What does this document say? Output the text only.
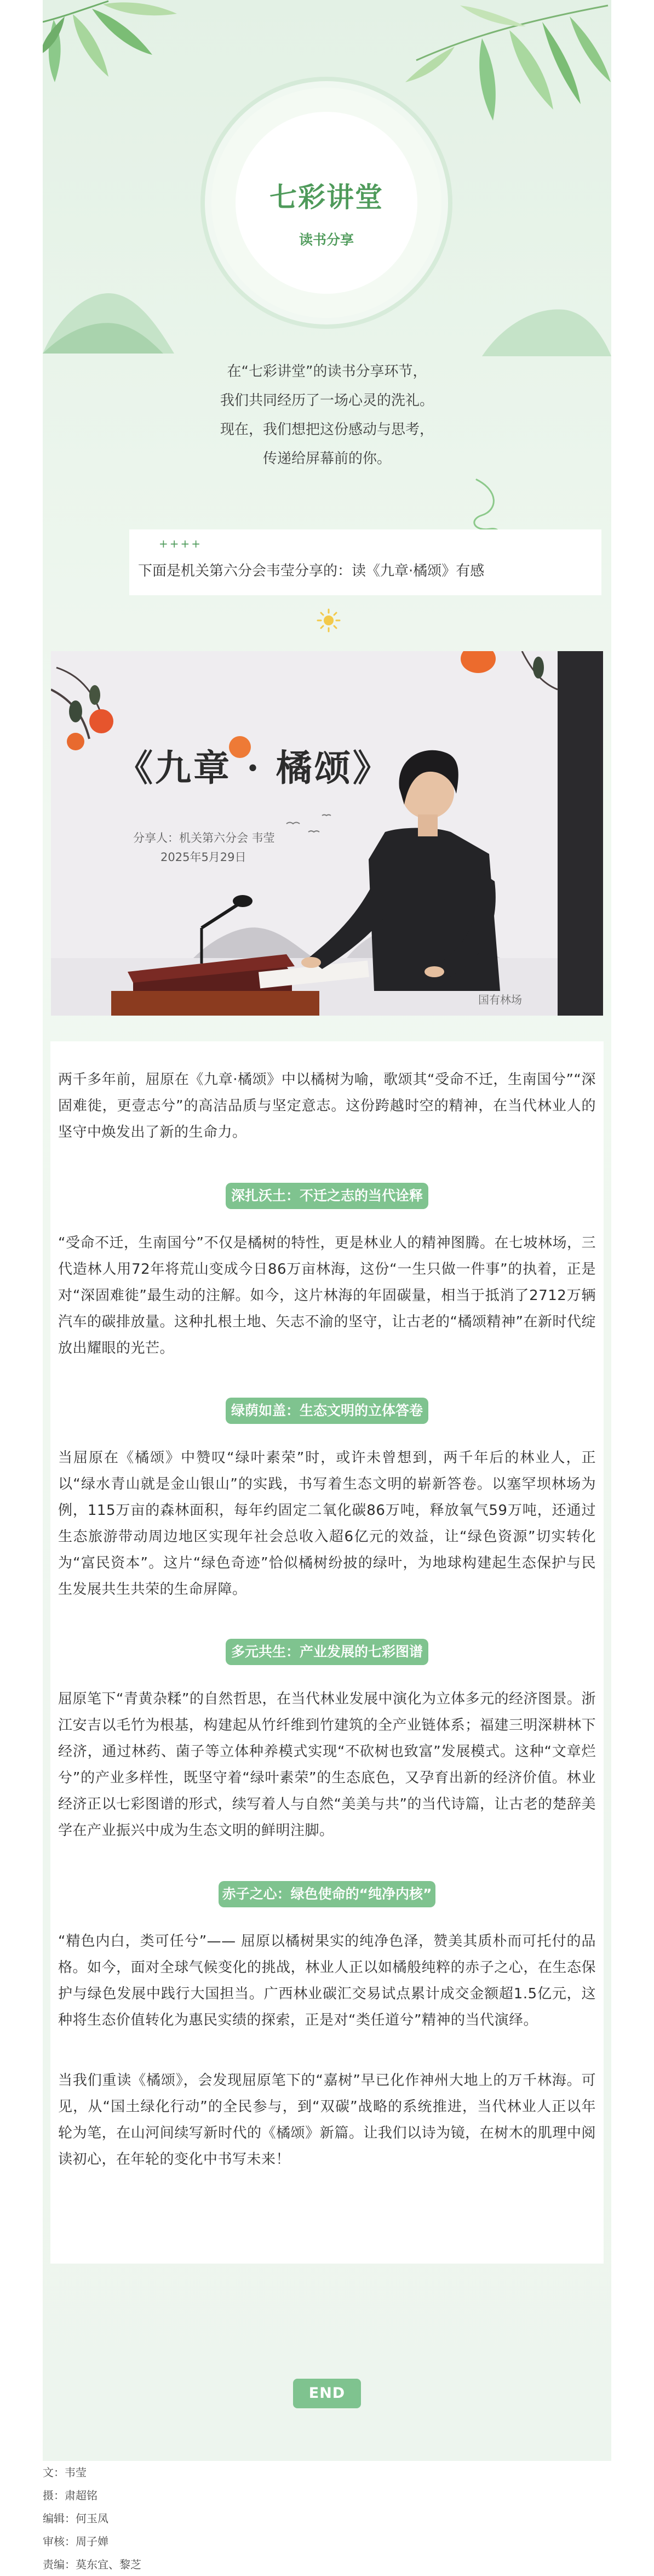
七彩讲堂
读书分享
在“七彩讲堂”的读书分享环节，
我们共同经历了一场心灵的洗礼。
现在，我们想把这份感动与思考，
传递给屏幕前的你。
++++
下面是机关第六分会韦莹分享的：读《九章·橘颂》有感
《九章 · 橘颂》
分享人：机关第六分会 韦莹
2025年5月29日
国有林场
两千多年前，屈原在《九章·橘颂》中以橘树为喻，歌颂其“受命不迁，生南国兮”“深固难徙，更壹志兮”的高洁品质与坚定意志。这份跨越时空的精神，在当代林业人的坚守中焕发出了新的生命力。
深扎沃土：不迁之志的当代诠释
“受命不迁，生南国兮”不仅是橘树的特性，更是林业人的精神图腾。在七坡林场，三代造林人用72年将荒山变成今日86万亩林海，这份“一生只做一件事”的执着，正是对“深固难徙”最生动的注解。如今，这片林海的年固碳量，相当于抵消了2712万辆汽车的碳排放量。这种扎根土地、矢志不渝的坚守，让古老的“橘颂精神”在新时代绽放出耀眼的光芒。
绿荫如盖：生态文明的立体答卷
当屈原在《橘颂》中赞叹“绿叶素荣”时，或许未曾想到，两千年后的林业人，正以“绿水青山就是金山银山”的实践，书写着生态文明的崭新答卷。以塞罕坝林场为例，115万亩的森林面积，每年约固定二氧化碳86万吨，释放氧气59万吨，还通过生态旅游带动周边地区实现年社会总收入超6亿元的效益，让“绿色资源”切实转化为“富民资本”。这片“绿色奇迹”恰似橘树纷披的绿叶，为地球构建起生态保护与民生发展共生共荣的生命屏障。
多元共生：产业发展的七彩图谱
屈原笔下“青黄杂糅”的自然哲思，在当代林业发展中演化为立体多元的经济图景。浙江安吉以毛竹为根基，构建起从竹纤维到竹建筑的全产业链体系；福建三明深耕林下经济，通过林药、菌子等立体种养模式实现“不砍树也致富”发展模式。这种“文章烂兮”的产业多样性，既坚守着“绿叶素荣”的生态底色，又孕育出新的经济价值。林业经济正以七彩图谱的形式，续写着人与自然“美美与共”的当代诗篇，让古老的楚辞美学在产业振兴中成为生态文明的鲜明注脚。
赤子之心：绿色使命的“纯净内核”
“精色内白，类可任兮”—— 屈原以橘树果实的纯净色泽，赞美其质朴而可托付的品格。如今，面对全球气候变化的挑战，林业人正以如橘般纯粹的赤子之心，在生态保护与绿色发展中践行大国担当。广西林业碳汇交易试点累计成交金额超1.5亿元，这种将生态价值转化为惠民实绩的探索，正是对“类任道兮”精神的当代演绎。
当我们重读《橘颂》，会发现屈原笔下的“嘉树”早已化作神州大地上的万千林海。可见，从“国土绿化行动”的全民参与，到“双碳”战略的系统推进，当代林业人正以年轮为笔，在山河间续写新时代的《橘颂》新篇。让我们以诗为镜，在树木的肌理中阅读初心，在年轮的变化中书写未来！
END
文：韦莹
摄：肃超铭
编辑：何玉凤
审核：周子婵
责编：莫东宜、黎芝
